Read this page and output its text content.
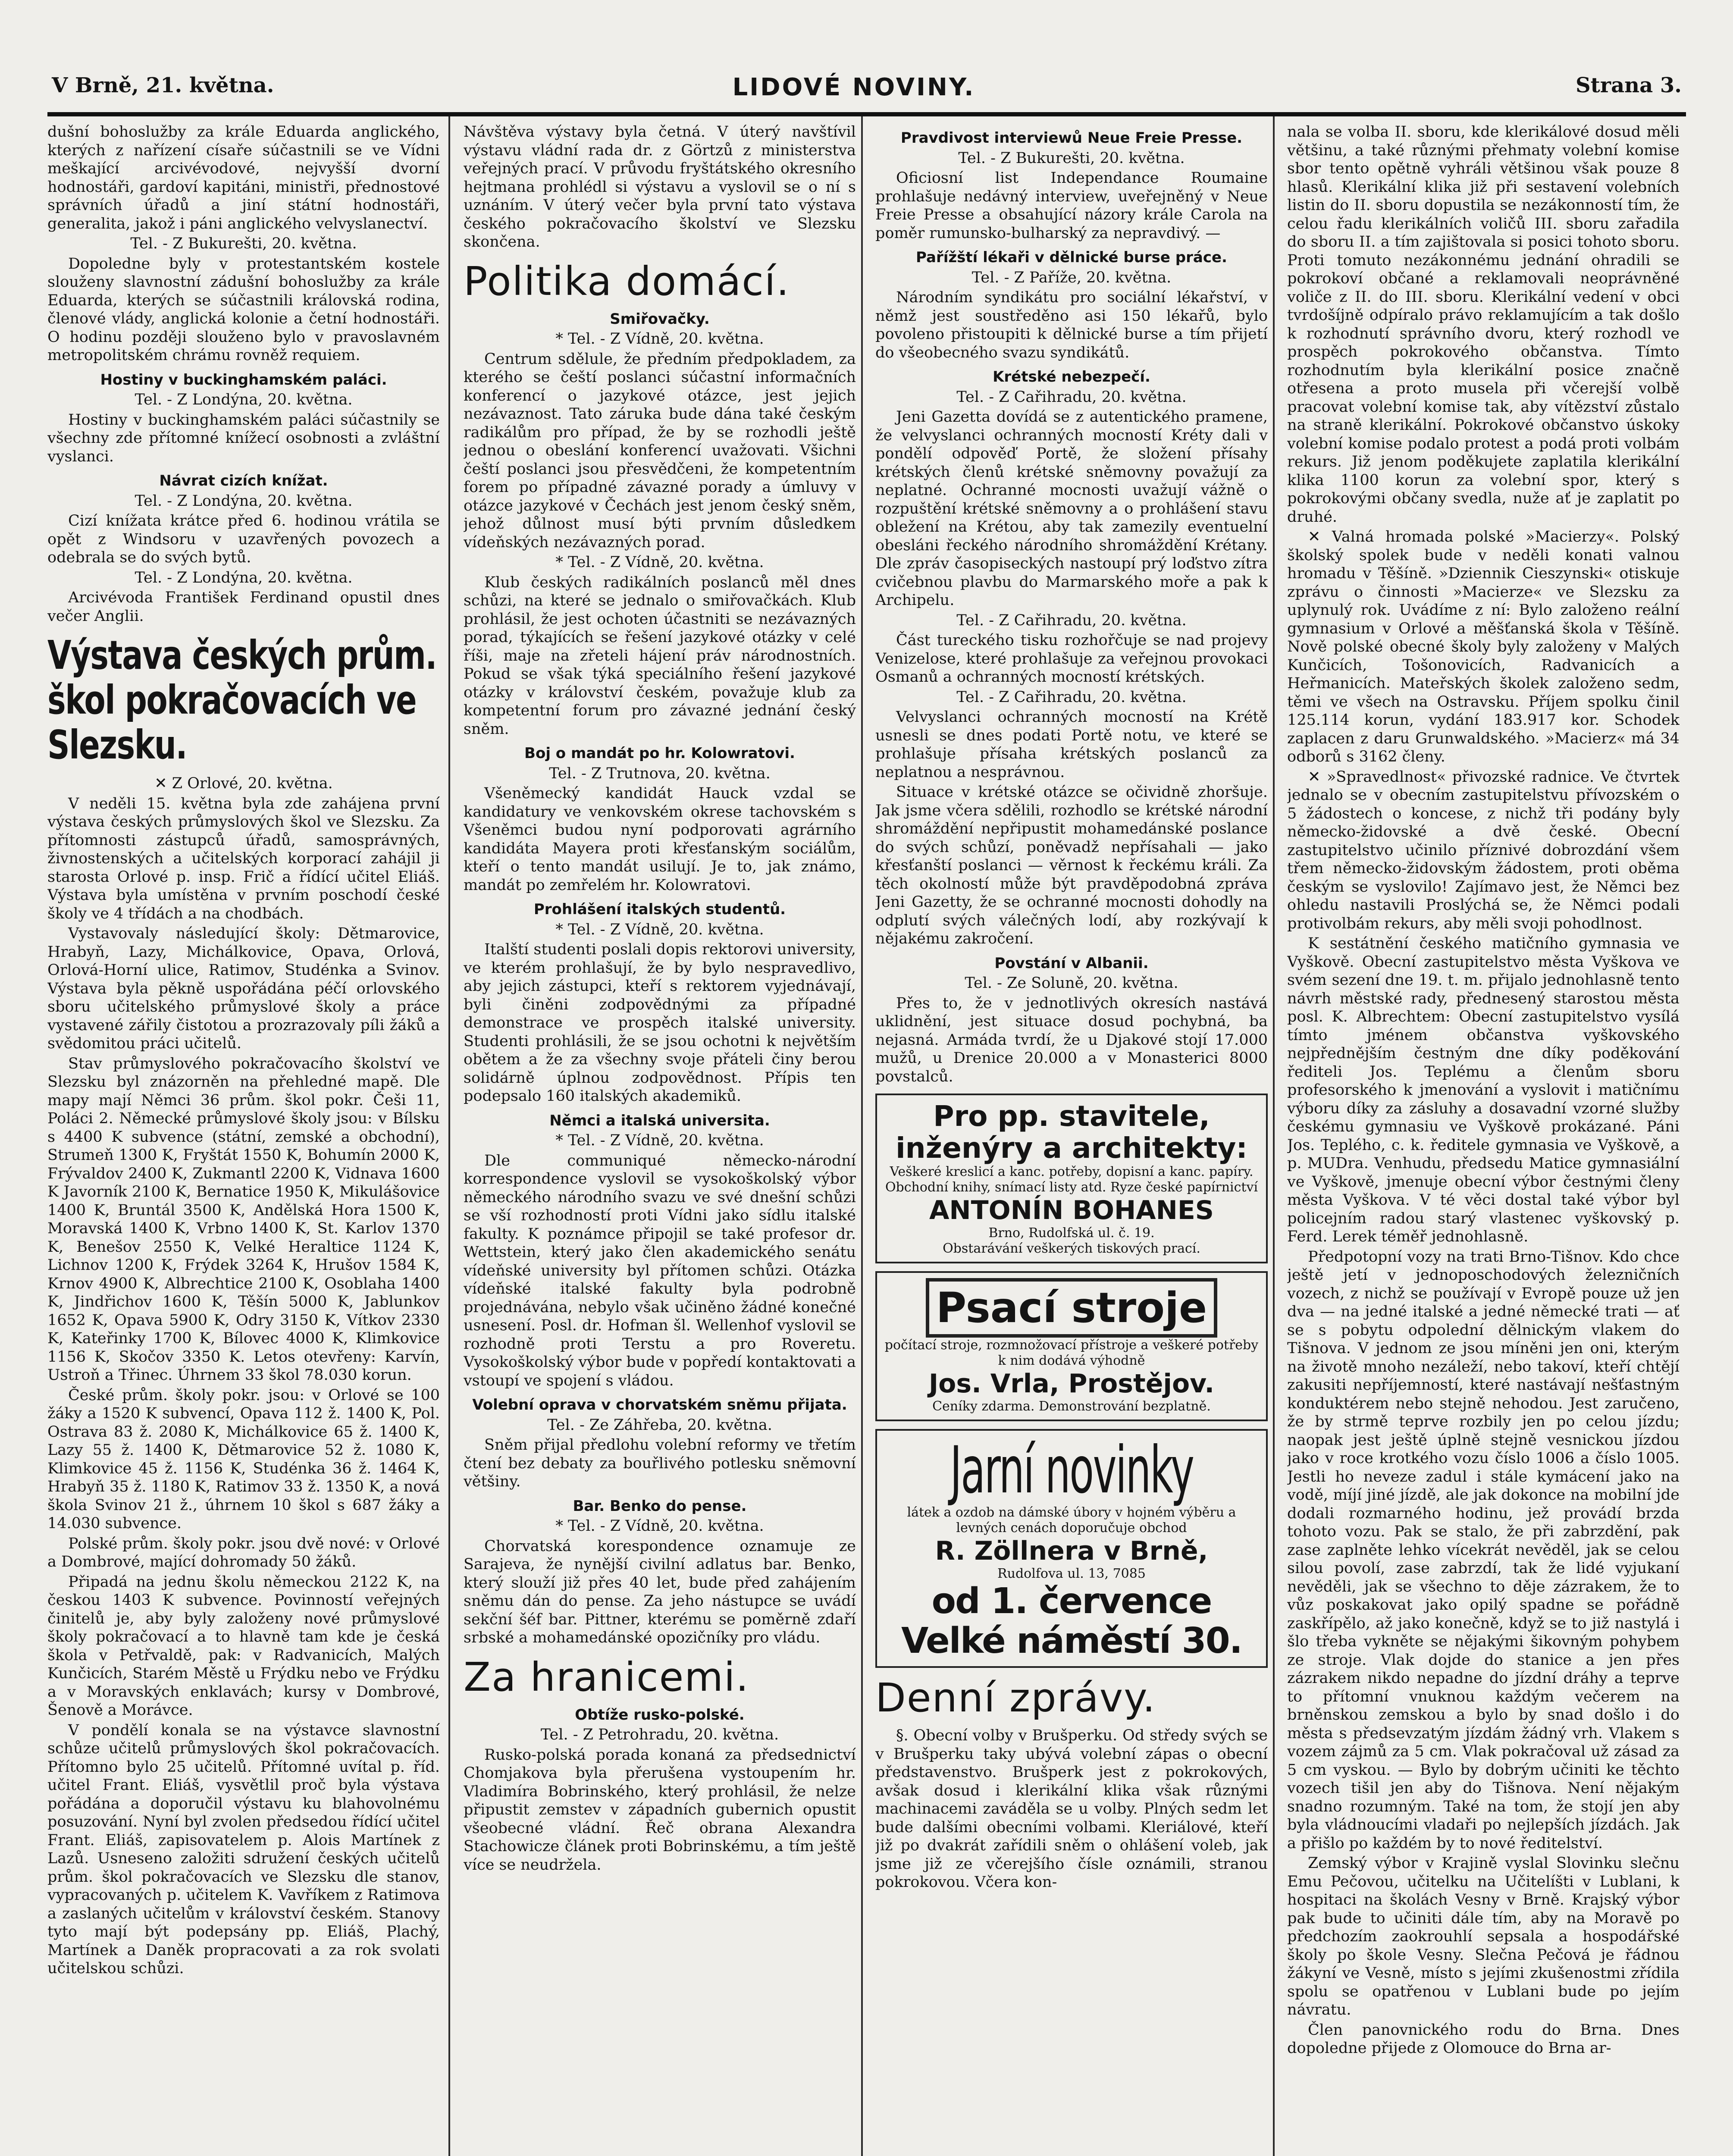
V Brně, 21. května.	LIDOVÉ NOVINY.	Strana 3.

dušní bohoslužby za krále Eduarda anglického, kterých z nařízení císaře súčastnili se ve Vídni meškající arcivévodové, nejvyšší dvorní hodnostáři, gardoví kapitáni, ministři, přednostové správních úřadů a jiní státní hodnostáři, generalita, jakož i páni anglického velvyslanectví.

Tel. - Z Bukurešti, 20. května.

Dopoledne byly v protestantském kostele slouženy slavnostní zádušní bohoslužby za krále Eduarda, kterých se súčastnili královská rodina, členové vlády, anglická kolonie a četní hodnostáři. O hodinu později slouženo bylo v pravoslavném metropolitském chrámu rovněž requiem.

Hostiny v buckinghamském paláci.
Tel. - Z Londýna, 20. května.

Hostiny v buckinghamském paláci súčastnily se všechny zde přítomné knížecí osobnosti a zvláštní vyslanci.

Návrat cizích knížat.
Tel. - Z Londýna, 20. května.

Cizí knížata krátce před 6. hodinou vrátila se opět z Windsoru v uzavřených povozech a odebrala se do svých bytů.

Tel. - Z Londýna, 20. května.

Arcivévoda František Ferdinand opustil dnes večer Anglii.

Výstava českých prům. škol pokračovacích ve Slezsku.
✕ Z Orlové, 20. května.

V neděli 15. května byla zde zahájena první výstava českých průmyslových škol ve Slezsku. Za přítomnosti zástupců úřadů, samosprávných, živnostenských a učitelských korporací zahájil ji starosta Orlové p. insp. Frič a řídící učitel Eliáš. Výstava byla umístěna v prvním poschodí české školy ve 4 třídách a na chodbách.

Vystavovaly následující školy: Dětmarovice, Hrabyň, Lazy, Michálkovice, Opava, Orlová, Orlová-Horní ulice, Ratimov, Studénka a Svinov. Výstava byla pěkně uspořádána péčí orlovského sboru učitelského průmyslové školy a práce vystavené zářily čistotou a prozrazovaly píli žáků a svědomitou práci učitelů.

Stav průmyslového pokračovacího školství ve Slezsku byl znázorněn na přehledné mapě. Dle mapy mají Němci 36 prům. škol pokr. Češi 11, Poláci 2. Německé průmyslové školy jsou: v Bílsku s 4400 K subvence (státní, zemské a obchodní), Strumeň 1300 K, Fryštát 1550 K, Bohumín 2000 K, Frývaldov 2400 K, Zukmantl 2200 K, Vidnava 1600 K Javorník 2100 K, Bernatice 1950 K, Mikulášovice 1400 K, Bruntál 3500 K, Andělská Hora 1500 K, Moravská 1400 K, Vrbno 1400 K, St. Karlov 1370 K, Benešov 2550 K, Velké Heraltice 1124 K, Lichnov 1200 K, Frýdek 3264 K, Hrušov 1584 K, Krnov 4900 K, Albrechtice 2100 K, Osoblaha 1400 K, Jindřichov 1600 K, Těšín 5000 K, Jablunkov 1652 K, Opava 5900 K, Odry 3150 K, Vítkov 2330 K, Kateřinky 1700 K, Bílovec 4000 K, Klimkovice 1156 K, Skočov 3350 K. Letos otevřeny: Karvín, Ustroň a Třinec. Úhrnem 33 škol 78.030 korun.

České prům. školy pokr. jsou: v Orlové se 100 žáky a 1520 K subvencí, Opava 112 ž. 1400 K, Pol. Ostrava 83 ž. 2080 K, Michálkovice 65 ž. 1400 K, Lazy 55 ž. 1400 K, Dětmarovice 52 ž. 1080 K, Klimkovice 45 ž. 1156 K, Studénka 36 ž. 1464 K, Hrabyň 35 ž. 1180 K, Ratimov 33 ž. 1350 K, a nová škola Svinov 21 ž., úhrnem 10 škol s 687 žáky a 14.030 subvence.

Polské prům. školy pokr. jsou dvě nové: v Orlové a Dombrové, mající dohromady 50 žáků.

Připadá na jednu školu německou 2122 K, na českou 1403 K subvence. Povinností veřejných činitelů je, aby byly založeny nové průmyslové školy pokračovací a to hlavně tam kde je česká škola v Petřvaldě, pak: v Radvanicích, Malých Kunčicích, Starém Městě u Frýdku nebo ve Frýdku a v Moravských enklavách; kursy v Dombrové, Šenově a Morávce.

V pondělí konala se na výstavce slavnostní schůze učitelů průmyslových škol pokračovacích. Přítomno bylo 25 učitelů. Přítomné uvítal p. říd. učitel Frant. Eliáš, vysvětlil proč byla výstava pořádána a doporučil výstavu ku blahovolnému posuzování. Nyní byl zvolen předsedou řídící učitel Frant. Eliáš, zapisovatelem p. Alois Martínek z Lazů. Usneseno založiti sdružení českých učitelů prům. škol pokračovacích ve Slezsku dle stanov, vypracovaných p. učitelem K. Vavříkem z Ratimova a zaslaných učitelům v království českém. Stanovy tyto mají být podepsány pp. Eliáš, Plachý, Martínek a Daněk propracovati a za rok svolati učitelskou schůzi.

Návštěva výstavy byla četná. V úterý navštívil výstavu vládní rada dr. z Görtzů z ministerstva veřejných prací. V průvodu fryštátského okresního hejtmana prohlédl si výstavu a vyslovil se o ní s uznáním. V úterý večer byla první tato výstava českého pokračovacího školství ve Slezsku skončena.

Politika domácí.
Smiřovačky.
* Tel. - Z Vídně, 20. května.

Centrum sdělule, že předním předpokladem, za kterého se čeští poslanci súčastní informačních konferencí o jazykové otázce, jest jejich nezávaznost. Tato záruka bude dána také českým radikálům pro případ, že by se rozhodli ještě jednou o obeslání konferencí uvažovati. Všichni čeští poslanci jsou přesvědčeni, že kompetentním forem po případné závazné porady a úmluvy v otázce jazykové v Čechách jest jenom český sněm, jehož důlnost musí býti prvním důsledkem vídeňských nezávazných porad.

* Tel. - Z Vídně, 20. května.

Klub českých radikálních poslanců měl dnes schůzi, na které se jednalo o smiřovačkách. Klub prohlásil, že jest ochoten účastniti se nezávazných porad, týkajících se řešení jazykové otázky v celé říši, maje na zřeteli hájení práv národnostních. Pokud se však týká speciálního řešení jazykové otázky v království českém, považuje klub za kompetentní forum pro závazné jednání český sněm.

Boj o mandát po hr. Kolowratovi.
Tel. - Z Trutnova, 20. května.

Všeněmecký kandidát Hauck vzdal se kandidatury ve venkovském okrese tachovském s Všeněmci budou nyní podporovati agrárního kandidáta Mayera proti křesťanským sociálům, kteří o tento mandát usilují. Je to, jak známo, mandát po zemřelém hr. Kolowratovi.

Prohlášení italských studentů.
* Tel. - Z Vídně, 20. května.

Italští studenti poslali dopis rektorovi university, ve kterém prohlašují, že by bylo nespravedlivo, aby jejich zástupci, kteří s rektorem vyjednávají, byli činěni zodpovědnými za případné demonstrace ve prospěch italské university. Studenti prohlásili, že se jsou ochotni k největším obětem a že za všechny svoje přáteli činy berou solidárně úplnou zodpovědnost. Přípis ten podepsalo 160 italských akademiků.

Němci a italská universita.
* Tel. - Z Vídně, 20. května.

Dle communiqué německo-národní korrespondence vyslovil se vysokoškolský výbor německého národního svazu ve své dnešní schůzi se vší rozhodností proti Vídni jako sídlu italské fakulty. K poznámce připojil se také profesor dr. Wettstein, který jako člen akademického senátu vídeňské university byl přítomen schůzi. Otázka vídeňské italské fakulty byla podrobně projednávána, nebylo však učiněno žádné konečné usnesení. Posl. dr. Hofman šl. Wellenhof vyslovil se rozhodně proti Terstu a pro Roveretu. Vysokoškolský výbor bude v popředí kontaktovati a vstoupí ve spojení s vládou.

Volební oprava v chorvatském sněmu přijata.
Tel. - Ze Záhřeba, 20. května.

Sněm přijal předlohu volební reformy ve třetím čtení bez debaty za bouřlivého potlesku sněmovní většiny.

Bar. Benko do pense.
* Tel. - Z Vídně, 20. května.

Chorvatská korespondence oznamuje ze Sarajeva, že nynější civilní adlatus bar. Benko, který slouží již přes 40 let, bude před zahájením sněmu dán do pense. Za jeho nástupce se uvádí sekční šéf bar. Pittner, kterému se poměrně zdaří srbské a mohamedánské opozičníky pro vládu.

Za hranicemi.
Obtíže rusko-polské.
Tel. - Z Petrohradu, 20. května.

Rusko-polská porada konaná za předsednictví Chomjakova byla přerušena vystoupením hr. Vladimíra Bobrinského, který prohlásil, že nelze připustit zemstev v západních gubernich opustit všeobecné vládní. Řeč obrana Alexandra Stachowicze článek proti Bobrinskému, a tím ještě více se neudržela.

Pravdivost interviewů Neue Freie Presse.
Tel. - Z Bukurešti, 20. května.

Oficiosní list Independance Roumaine prohlašuje nedávný interview, uveřejněný v Neue Freie Presse a obsahující názory krále Carola na poměr rumunsko-bulharský za nepravdivý. —

Pařížští lékaři v dělnické burse práce.
Tel. - Z Paříže, 20. května.

Národním syndikátu pro sociální lékařství, v němž jest soustředěno asi 150 lékařů, bylo povoleno přistoupiti k dělnické burse a tím přijetí do všeobecného svazu syndikátů.

Krétské nebezpečí.
Tel. - Z Cařihradu, 20. května.

Jeni Gazetta dovídá se z autentického pramene, že velvyslanci ochranných mocností Kréty dali v pondělí odpověď Portě, že složení přísahy krétských členů krétské sněmovny považují za neplatné. Ochranné mocnosti uvažují vážně o rozpuštění krétské sněmovny a o prohlášení stavu obležení na Krétou, aby tak zamezily eventuelní obesláni řeckého národního shromáždění Krétany. Dle zpráv časopiseckých nastoupí prý loďstvo zítra cvičebnou plavbu do Marmarského moře a pak k Archipelu.

Tel. - Z Cařihradu, 20. května.

Část tureckého tisku rozhořčuje se nad projevy Venizelose, které prohlašuje za veřejnou provokaci Osmanů a ochranných mocností krétských.

Tel. - Z Cařihradu, 20. května.

Velvyslanci ochranných mocností na Krétě usnesli se dnes podati Portě notu, ve které se prohlašuje přísaha krétských poslanců za neplatnou a nesprávnou.

Situace v krétské otázce se očividně zhoršuje. Jak jsme včera sdělili, rozhodlo se krétské národní shromáždění nepřipustit mohamedánské poslance do svých schůzí, poněvadž nepřísahali — jako křesťanští poslanci — věrnost k řeckému králi. Za těch okolností může být pravděpodobná zpráva Jeni Gazetty, že se ochranné mocnosti dohodly na odplutí svých válečných lodí, aby rozkývají k nějakému zakročení.

Povstání v Albanii.
Tel. - Ze Soluně, 20. května.

Přes to, že v jednotlivých okresích nastává uklidnění, jest situace dosud pochybná, ba nejasná. Armáda tvrdí, že u Djakové stojí 17.000 mužů, u Drenice 20.000 a v Monasterici 8000 povstalců.

Pro pp. stavitele, inženýry a architekty:
Veškeré kreslicí a kanc. potřeby, dopisní a kanc. papíry. Obchodní knihy, snímací listy atd. Ryze české papírnictví
ANTONÍN BOHANES
Brno, Rudolfská ul. č. 19.
Obstarávání veškerých tiskových prací.
Psací stroje
počítací stroje, rozmnožovací přístroje a veškeré potřeby k nim dodává výhodně
Jos. Vrla, Prostějov.
Ceníky zdarma. Demonstrování bezplatně.
Jarní novinky
látek a ozdob na dámské úbory v hojném výběru a levných cenách doporučuje obchod
R. Zöllnera v Brně,
Rudolfova ul. 13, 7085
od 1. července Velké náměstí 30.
Denní zprávy.

§. Obecní volby v Brušperku. Od středy svých se v Brušperku taky ubývá volební zápas o obecní představenstvo. Brušperk jest z pokrokových, avšak dosud i klerikální klika však různými machinacemi zaváděla se u volby. Plných sedm let bude dalšími obecními volbami. Kleriálové, kteří již po dvakrát zařídili sněm o ohlášení voleb, jak jsme již ze včerejšího čísle oznámili, stranou pokrokovou. Včera kon-

nala se volba II. sboru, kde klerikálové dosud měli většinu, a také různými přehmaty volební komise sbor tento opětně vyhráli většinou však pouze 8 hlasů. Klerikální klika již při sestavení volebních listin do II. sboru dopustila se nezákonností tím, že celou řadu klerikálních voličů III. sboru zařadila do sboru II. a tím zajištovala si posici tohoto sboru. Proti tomuto nezákonnému jednání ohradili se pokrokoví občané a reklamovali neoprávněné voliče z II. do III. sboru. Klerikální vedení v obci tvrdošíjně odpíralo právo reklamujícím a tak došlo k rozhodnutí správního dvoru, který rozhodl ve prospěch pokrokového občanstva. Tímto rozhodnutím byla klerikální posice značně otřesena a proto musela při včerejší volbě pracovat volební komise tak, aby vítězství zůstalo na straně klerikální. Pokrokové občanstvo úskoky volební komise podalo protest a podá proti volbám rekurs. Již jenom poděkujete zaplatila klerikální klika 1100 korun za volební spor, který s pokrokovými občany svedla, nuže ať je zaplatit po druhé.

✕ Valná hromada polské »Macierzy«. Polský školský spolek bude v neděli konati valnou hromadu v Těšíně. »Dziennik Cieszynski« otiskuje zprávu o činnosti »Macierze« ve Slezsku za uplynulý rok. Uvádíme z ní: Bylo založeno reální gymnasium v Orlové a měšťanská škola v Těšíně. Nově polské obecné školy byly založeny v Malých Kunčicích, Tošonovicích, Radvanicích a Heřmanicích. Mateřských školek založeno sedm, těmi ve všech na Ostravsku. Příjem spolku činil 125.114 korun, vydání 183.917 kor. Schodek zaplacen z daru Grunwaldského. »Macierz« má 34 odborů s 3162 členy.

✕ »Spravedlnost« přivozské radnice. Ve čtvrtek jednalo se v obecním zastupitelstvu přívozském o 5 žádostech o koncese, z nichž tři podány byly německo-židovské a dvě české. Obecní zastupitelstvo učinilo příznivé dobrozdání všem třem německo-židovským žádostem, proti oběma českým se vyslovilo! Zajímavo jest, že Němci bez ohledu nastavili Proslýchá se, že Němci podali protivolbám rekurs, aby měli svoji pohodlnost.

K sestátnění českého matičního gymnasia ve Vyškově. Obecní zastupitelstvo města Vyškova ve svém sezení dne 19. t. m. přijalo jednohlasně tento návrh městské rady, přednesený starostou města posl. K. Albrechtem: Obecní zastupitelstvo vysílá tímto jménem občanstva vyškovského nejpřednějším čestným dne díky poděkování řediteli Jos. Teplému a členům sboru profesorského k jmenování a vyslovit i matičnímu výboru díky za zásluhy a dosavadní vzorné služby českému gymnasiu ve Vyškově prokázané. Páni Jos. Teplého, c. k. ředitele gymnasia ve Vyškově, a p. MUDra. Venhudu, předsedu Matice gymnasiální ve Vyškově, jmenuje obecní výbor čestnými členy města Vyškova. V té věci dostal také výbor byl policejním radou starý vlastenec vyškovský p. Ferd. Lerek téměř jednohlasně.

Předpotopní vozy na trati Brno-Tišnov. Kdo chce ještě jetí v jednoposchodových železničních vozech, z nichž se používají v Evropě pouze už jen dva — na jedné italské a jedné německé trati — ať se s pobytu odpolední dělnickým vlakem do Tišnova. V jednom ze jsou míněni jen oni, kterým na životě mnoho nezáleží, nebo takoví, kteří chtějí zakusiti nepříjemností, které nastávají nešťastným konduktérem nebo stejně nehodou. Jest zaručeno, že by strmě teprve rozbily jen po celou jízdu; naopak jest ještě úplně stejně vesnickou jízdou jako v roce krotkého vozu číslo 1006 a číslo 1005. Jestli ho neveze zadul i stále kymácení jako na vodě, míjí jiné jízdě, ale jak dokonce na mobilní jde dodali rozmarného hodinu, jež provádí brzda tohoto vozu. Pak se stalo, že při zabrzdění, pak zase zaplněte lehko vícekrát nevěděl, jak se celou silou povolí, zase zabrzdí, tak že lidé vyjukaní nevěděli, jak se všechno to děje zázrakem, že to vůz poskakovat jako opilý spadne se pořádně zaskřípělo, až jako konečně, když se to již nastylá i šlo třeba vykněte se nějakými šikovným pohybem ze stroje. Vlak dojde do stanice a jen přes zázrakem nikdo nepadne do jízdní dráhy a teprve to přítomní vnuknou každým večerem na brněnskou zemskou a bylo by snad došlo i do města s předsevzatým jízdám žádný vrh. Vlakem s vozem zájmů za 5 cm. Vlak pokračoval už zásad za 5 cm vyskou. — Bylo by dobrým učiniti ke těchto vozech tišil jen aby do Tišnova. Není nějakým snadno rozumným. Také na tom, že stojí jen aby byla vládnoucími vladaři po nejlepších jízdách. Jak a přišlo po každém by to nové ředitelství.

Zemský výbor v Krajině vyslal Slovinku slečnu Emu Pečovou, učitelku na Učitelíšti v Lublani, k hospitaci na školách Vesny v Brně. Krajský výbor pak bude to učiniti dále tím, aby na Moravě po předchozím zaokrouhlí sepsala a hospodářské školy po škole Vesny. Slečna Pečová je řádnou žákyní ve Vesně, místo s jejími zkušenostmi zřídila spolu se opatřenou v Lublani bude po jejím návratu.

Člen panovnického rodu do Brna. Dnes dopoledne přijede z Olomouce do Brna ar-
